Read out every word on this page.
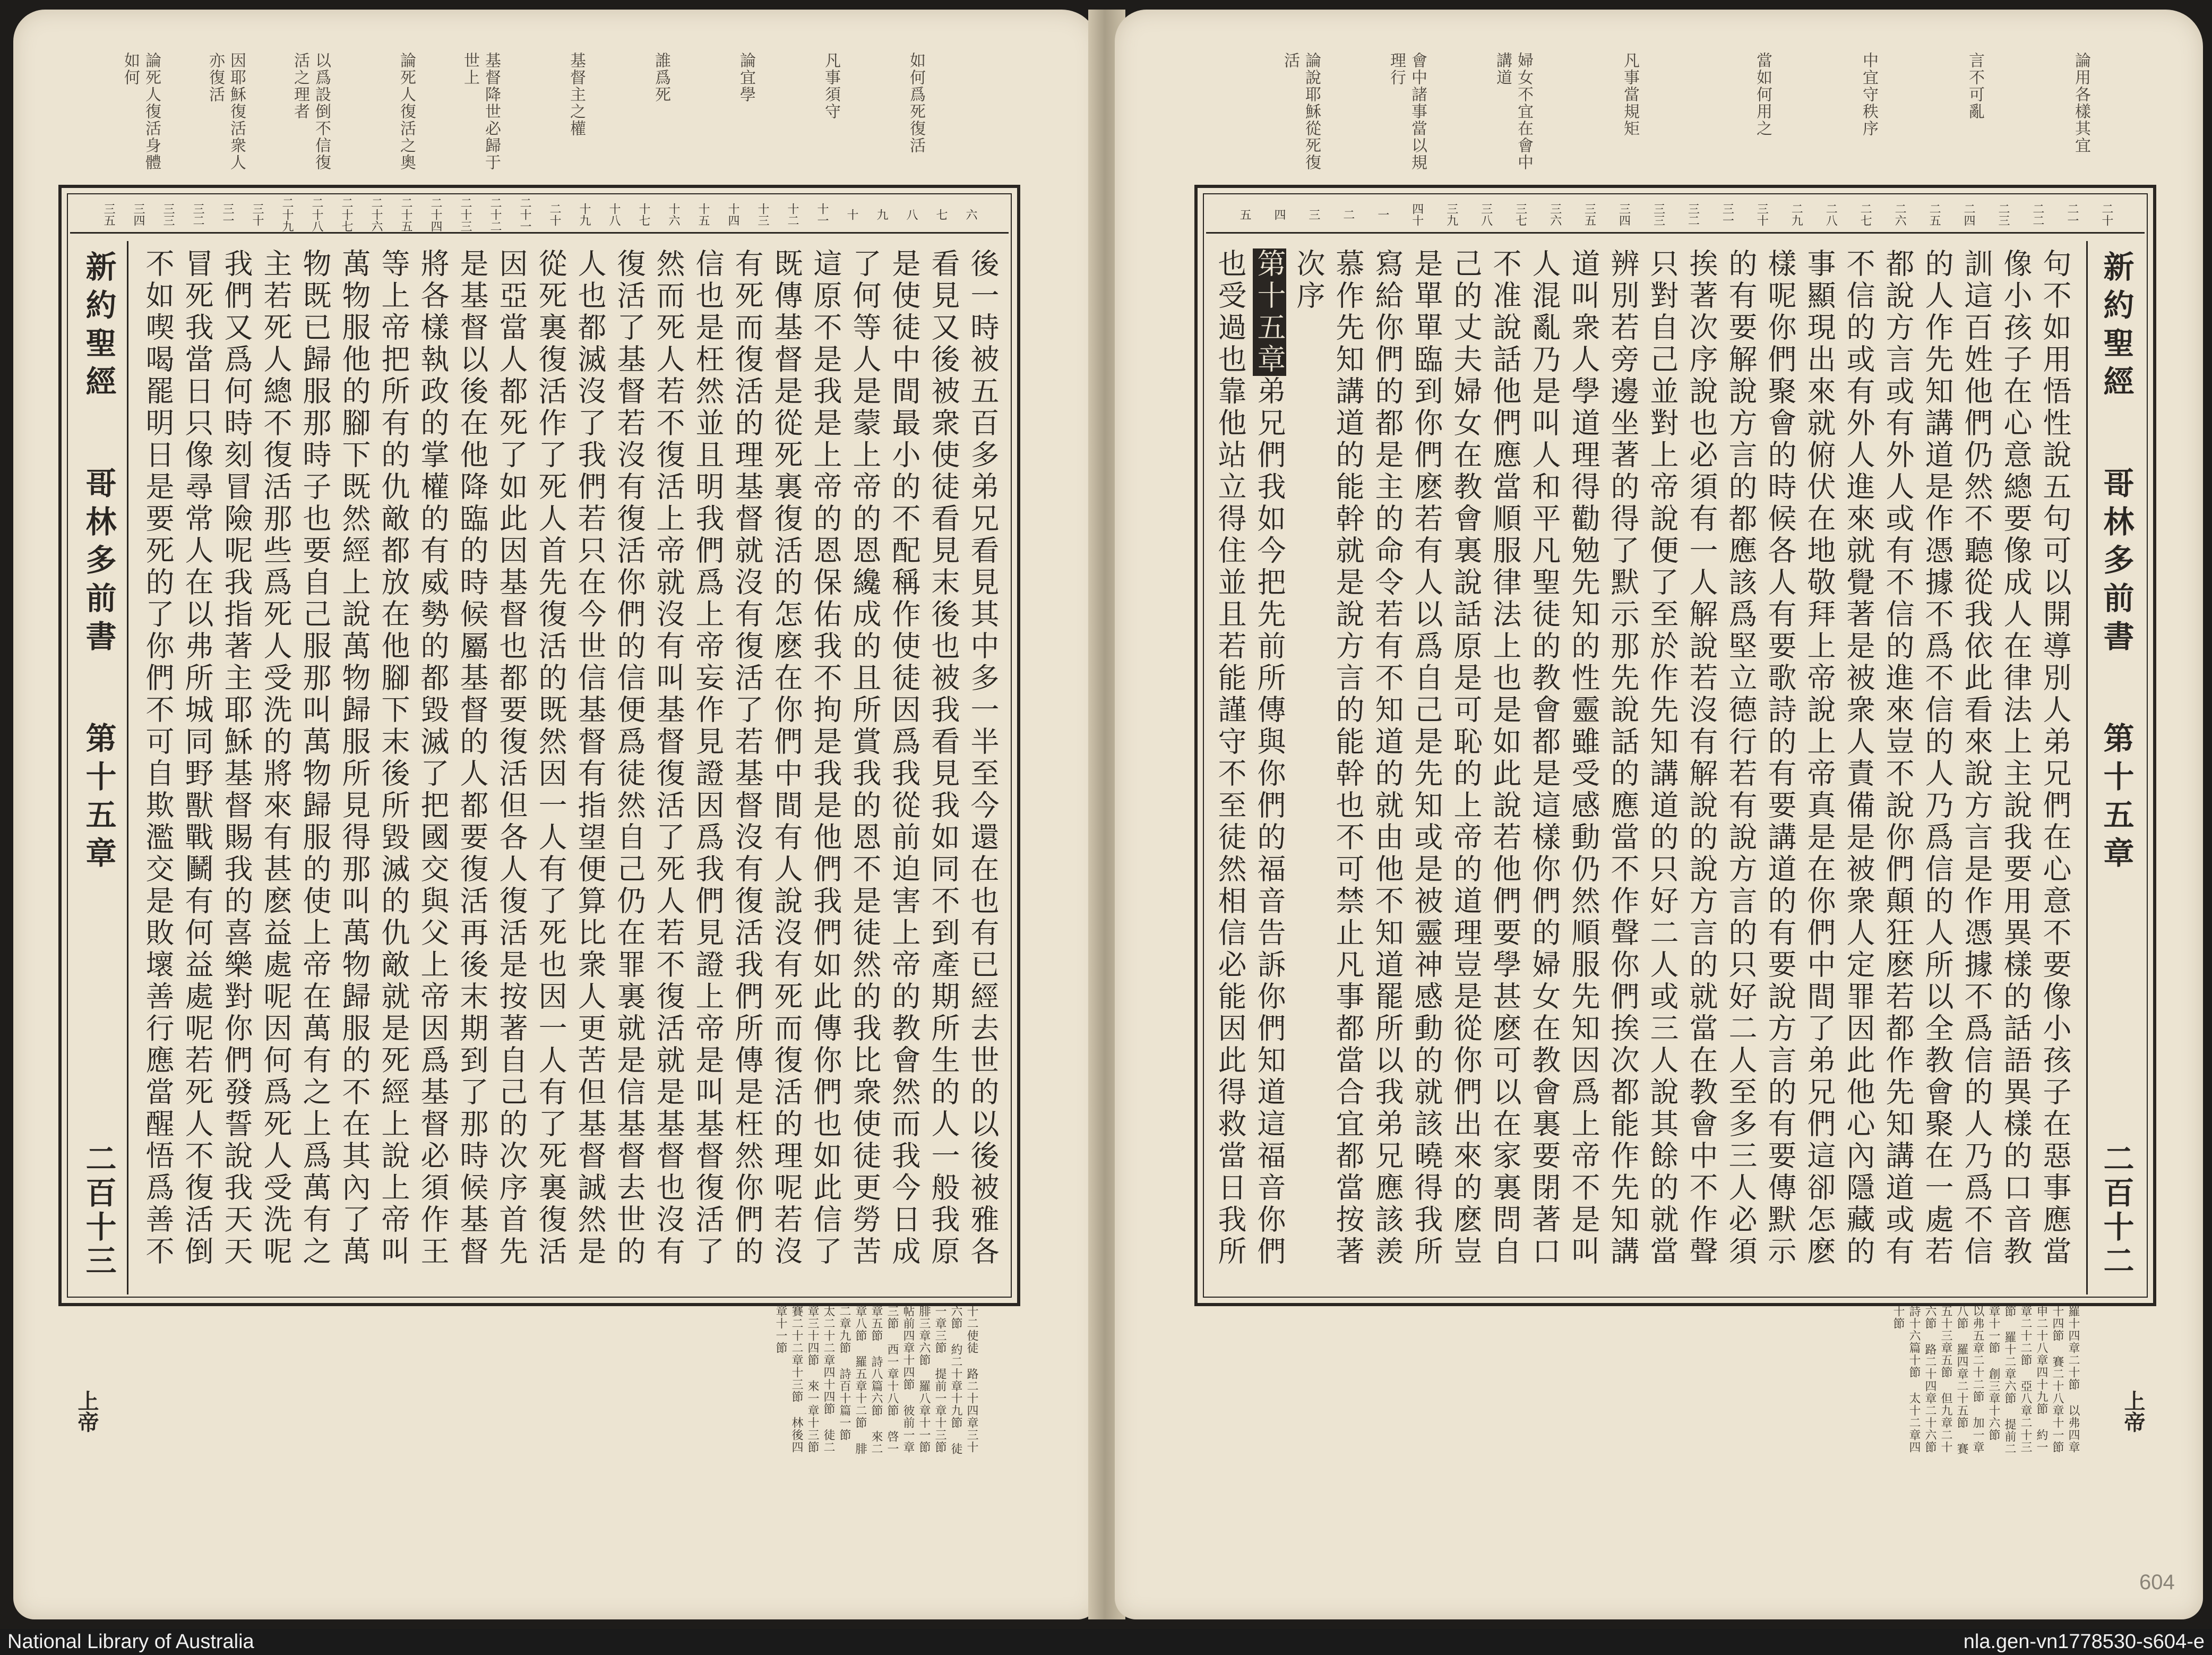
論死人復活身體如何	因耶穌復活衆人亦復活	以爲設倒不信復活之理者	論死人復活之奧	基督降世必歸于世上	基督主之權	誰爲死	論宜學	凡事須守	如何爲死復活
六
七
八
九
十
十一
十二
十三
十四
十五
十六
十七
十八
十九
二十
二十一
二十二
二十三
二十四
二十五
二十六
二十七
二十八
二十九
三十
三一
三二
三三
三四
三五
新約聖經
哥林多前書
第十五章
二百十三

後一時被五百多弟兄看見其中多一半至今還在也有已經去世的以後被雅各看見又後被衆使徒看見末後也被我看見我如同不到產期所生的人一般我原是使徒中間最小的不配稱作使徒因爲我從前迫害上帝的教會然而我今日成了何等人是蒙上帝的恩纔成的且所賞我的恩不是徒然的我比衆使徒更勞苦這原不是我是上帝的恩保佑我不拘是我是他們我們如此傳你們也如此信了既傳基督是從死裏復活的怎麽在你們中間有人說沒有死而復活的理呢若沒有死而復活的理基督就沒有復活了若基督沒有復活我們所傳是枉然你們的信也是枉然並且明我們爲上帝妄作見證因爲我們見證上帝是叫基督復活了然而死人若不復活上帝就沒有叫基督復活了死人若不復活就是基督也沒有復活了基督若沒有復活你們的信便爲徒然自己仍在罪裏就是信基督去世的人也都滅沒了我們若只在今世信基督有指望便算比衆人更苦但基督誠然是從死裏復活作了死人首先復活的既然因一人有了死也因一人有了死裏復活因亞當人都死了如此因基督也都要復活但各人復活是按著自己的次序首先是基督以後在他降臨的時候屬基督的人都要復活再後末期到了那時候基督將各樣執政的掌權的有威勢的都毀滅了把國交與父上帝因爲基督必須作王等上帝把所有的仇敵都放在他腳下末後所毀滅的仇敵就是死經上說上帝叫萬物服他的腳下既然經上說萬物歸服所見得那叫萬物歸服的不在其內了萬物既已歸服那時子也要自己服那叫萬物歸服的使上帝在萬有之上爲萬有之主若死人總不復活那些爲死人受洗的將來有甚麽益處呢因何爲死人受洗呢我們又爲何時刻冒險呢我指著主耶穌基督賜我的喜樂對你們發誓說我天天冒死我當日只像尋常人在以弗所城同野獸戰鬭有何益處呢若死人不復活倒不如喫喝罷明日是要死的了你們不可自欺濫交是敗壞善行應當醒悟爲善不

十二使徒 路二十四章三十六節 約二十章十九節 徒一章三節 提前一章十三節 腓三章六節 羅八章十一節 帖前四章十四節 彼前一章三節 西一章十八節 啓一章五節 詩八篇六節 來二章八節 羅五章十二節 腓二章九節 詩百十篇一節 太二十二章四十四節 徒二章三十四節 來一章十三節 賽二十二章十三節 林後四章十一節
上帝
論說耶穌從死復活	會中諸事當以規理行	婦女不宜在會中講道	凡事當規矩	當如何用之	中宜守秩序	言不可亂	論用各樣其宜
二十
二一
二二
二三
二四
二五
二六
二七
二八
二九
三十
三一
三二
三三
三四
三五
三六
三七
三八
三九
四十
一
二
三
四
五
新約聖經
哥林多前書
第十五章
二百十二

句不如用悟性說五句可以開導別人弟兄們在心意不要像小孩子在惡事應當像小孩子在心意總要像成人在律法上主說我要用異樣的話語異樣的口音教訓這百姓他們仍然不聽從我依此看來說方言是作憑據不爲信的人乃爲不信的人作先知講道是作憑據不爲不信的人乃爲信的人所以全教會聚在一處若都說方言或有外人或有不信的進來豈不說你們顛狂麽若都作先知講道或有不信的或有外人進來就覺著是被衆人責備是被衆人定罪因此他心內隱藏的事顯現出來就俯伏在地敬拜上帝說上帝真是在你們中間了弟兄們這卻怎麽樣呢你們聚會的時候各人有要歌詩的有要講道的有要說方言的有要傳默示的有要解說方言的都應該爲堅立德行若有說方言的只好二人至多三人必須挨著次序說也必須有一人解說若沒有解說的說方言的就當在教會中不作聲只對自己並對上帝說便了至於作先知講道的只好二人或三人說其餘的就當辨別若旁邊坐著的得了默示那先說話的應當不作聲你們挨次都能作先知講道叫衆人學道理得勸勉先知的性靈雖受感動仍然順服先知因爲上帝不是叫人混亂乃是叫人和平凡聖徒的教會都是這樣你們的婦女在教會裏要閉著口不准說話他們應當順服律法上也是如此說若他們要學甚麽可以在家裏問自己的丈夫婦女在教會裏說話原是可恥的上帝的道理豈是從你們出來的麽豈是單單臨到你們麽若有人以爲自己是先知或是被靈神感動的就該曉得我所寫給你們的都是主的命令若有不知道的就由他不知道罷所以我弟兄應該羨慕作先知講道的能幹就是說方言的能幹也不可禁止凡事都當合宜都當按著次序

第十五章弟兄們我如今把先前所傳與你們的福音告訴你們知道這福音你們也受過也靠他站立得住並且若能謹守不至徒然相信必能因此得救當日我所
羅十四章二十節 以弗四章十四節 賽二十八章十一節 申二十八章四十九節 約一章二十二節 亞八章二十三節 羅十二章六節 提前二章十一節 創三章十六節 以弗五章二十二節 加一章八節 羅四章二十五節 賽五十三章五節 但九章二十六節 路二十四章二十六節 詩十六篇十節 太十二章四十節
上帝
604
National Library of Australia	nla.gen-vn1778530-s604-e
